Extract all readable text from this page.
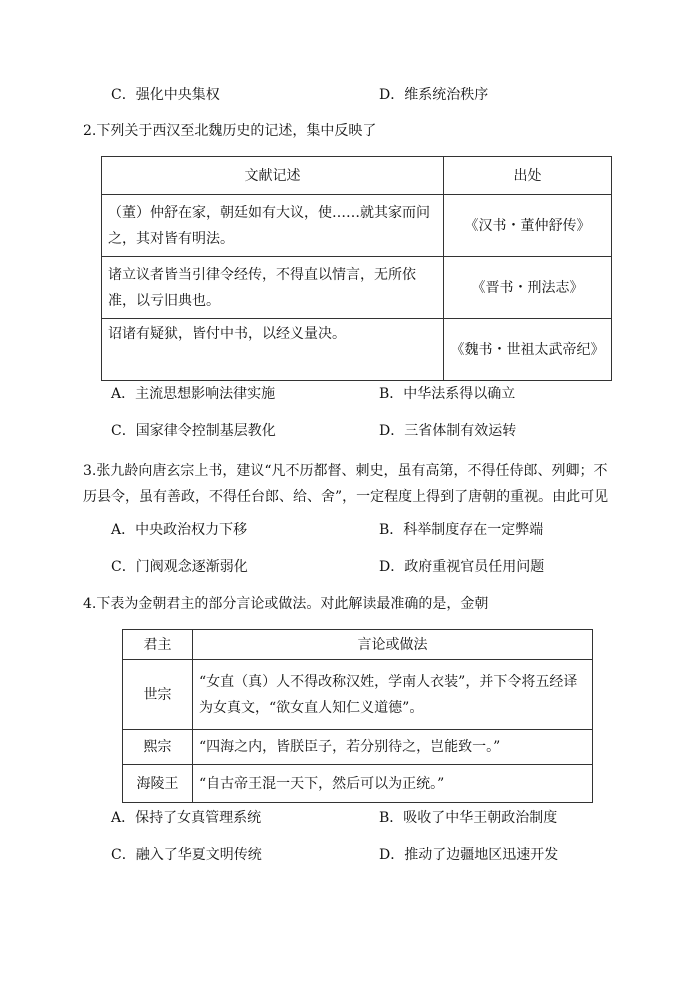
C．强化中央集权	D．维系统治秩序
2.下列关于西汉至北魏历史的记述，集中反映了
文献记述	出处
（董）仲舒在家，朝廷如有大议，使……就其家而问之，其对皆有明法。	《汉书・董仲舒传》
诸立议者皆当引律令经传，不得直以情言，无所依准，以亏旧典也。	《晋书・刑法志》
诏诸有疑狱，皆付中书，以经义量决。	《魏书・世祖太武帝纪》
A．主流思想影响法律实施	B．中华法系得以确立
C．国家律令控制基层教化	D．三省体制有效运转
3.张九龄向唐玄宗上书，建议“凡不历都督、刺史，虽有高第，不得任侍郎、列卿；不历县令，虽有善政，不得任台郎、给、舍”，一定程度上得到了唐朝的重视。由此可见
A．中央政治权力下移	B．科举制度存在一定弊端
C．门阀观念逐渐弱化	D．政府重视官员任用问题
4.下表为金朝君主的部分言论或做法。对此解读最准确的是，金朝
君主	言论或做法
世宗	“女直（真）人不得改称汉姓，学南人衣装”，并下令将五经译为女真文，“欲女直人知仁义道德”。
熙宗	“四海之内，皆朕臣子，若分别待之，岂能致一。”
海陵王	“自古帝王混一天下，然后可以为正统。”
A．保持了女真管理系统	B．吸收了中华王朝政治制度
C．融入了华夏文明传统	D．推动了边疆地区迅速开发
